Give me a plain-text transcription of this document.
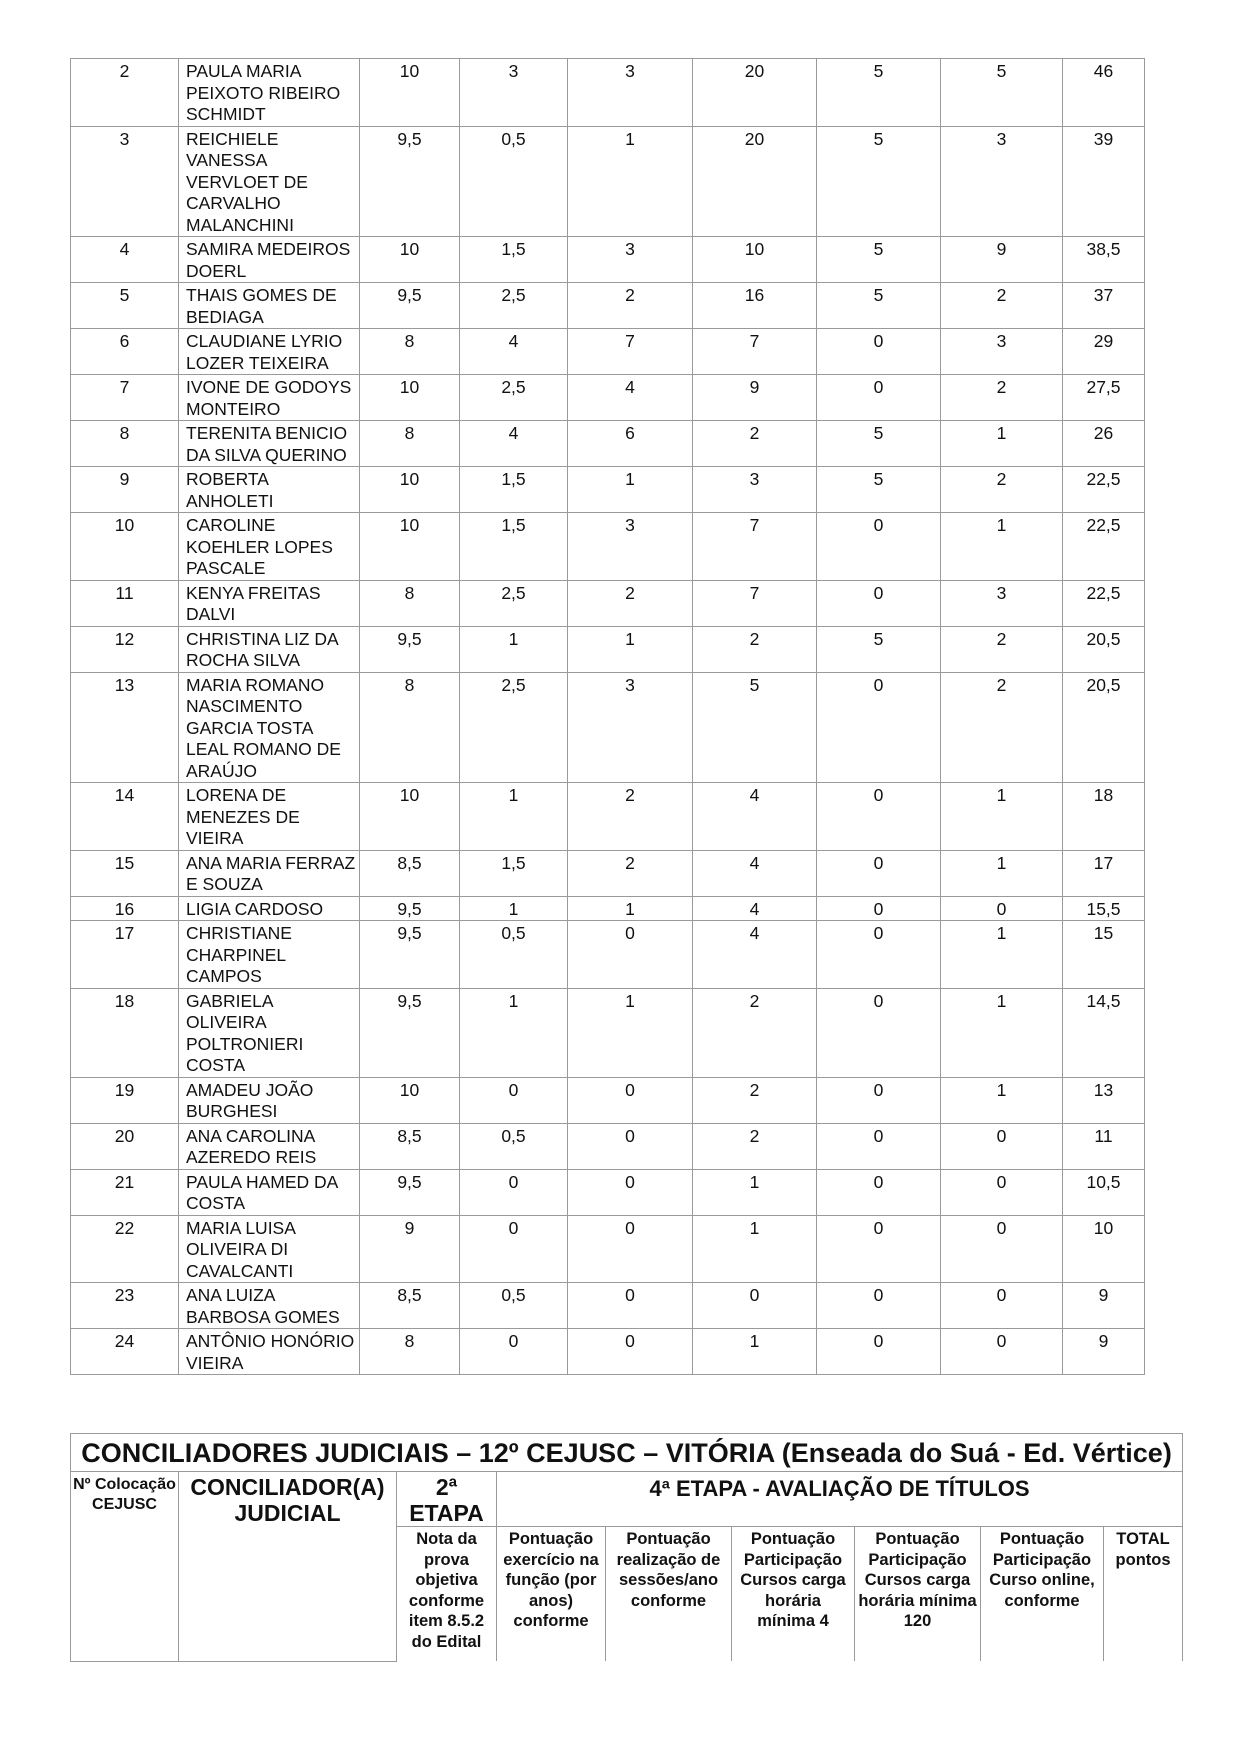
2	PAULA MARIA PEIXOTO RIBEIRO SCHMIDT	10	3	3	20	5	5	46
3	REICHIELE VANESSA VERVLOET DE CARVALHO MALANCHINI	9,5	0,5	1	20	5	3	39
4	SAMIRA MEDEIROS DOERL	10	1,5	3	10	5	9	38,5
5	THAIS GOMES DE BEDIAGA	9,5	2,5	2	16	5	2	37
6	CLAUDIANE LYRIO LOZER TEIXEIRA	8	4	7	7	0	3	29
7	IVONE DE GODOYS MONTEIRO	10	2,5	4	9	0	2	27,5
8	TERENITA BENICIO DA SILVA QUERINO	8	4	6	2	5	1	26
9	ROBERTA ANHOLETI	10	1,5	1	3	5	2	22,5
10	CAROLINE KOEHLER LOPES PASCALE	10	1,5	3	7	0	1	22,5
11	KENYA FREITAS DALVI	8	2,5	2	7	0	3	22,5
12	CHRISTINA LIZ DA ROCHA SILVA	9,5	1	1	2	5	2	20,5
13	MARIA ROMANO NASCIMENTO GARCIA TOSTA LEAL ROMANO DE ARAÚJO	8	2,5	3	5	0	2	20,5
14	LORENA DE MENEZES DE VIEIRA	10	1	2	4	0	1	18
15	ANA MARIA FERRAZ E SOUZA	8,5	1,5	2	4	0	1	17
16	LIGIA CARDOSO	9,5	1	1	4	0	0	15,5
17	CHRISTIANE CHARPINEL CAMPOS	9,5	0,5	0	4	0	1	15
18	GABRIELA OLIVEIRA POLTRONIERI COSTA	9,5	1	1	2	0	1	14,5
19	AMADEU JOÃO BURGHESI	10	0	0	2	0	1	13
20	ANA CAROLINA AZEREDO REIS	8,5	0,5	0	2	0	0	11
21	PAULA HAMED DA COSTA	9,5	0	0	1	0	0	10,5
22	MARIA LUISA OLIVEIRA DI CAVALCANTI	9	0	0	1	0	0	10
23	ANA LUIZA BARBOSA GOMES	8,5	0,5	0	0	0	0	9
24	ANTÔNIO HONÓRIO VIEIRA	8	0	0	1	0	0	9
CONCILIADORES JUDICIAIS – 12º CEJUSC – VITÓRIA (Enseada do Suá - Ed. Vértice)								
Nº Colocação CEJUSC	CONCILIADOR(A) JUDICIAL	2ª ETAPA	4ª ETAPA - AVALIAÇÃO DE TÍTULOS					
		Nota da prova objetiva conforme item 8.5.2 do Edital	Pontuação exercício na função (por anos) conforme	Pontuação realização de sessões/ano conforme	Pontuação Participação Cursos carga horária mínima 4	Pontuação Participação Cursos carga horária mínima 120	Pontuação Participação Curso online, conforme	TOTAL pontos
